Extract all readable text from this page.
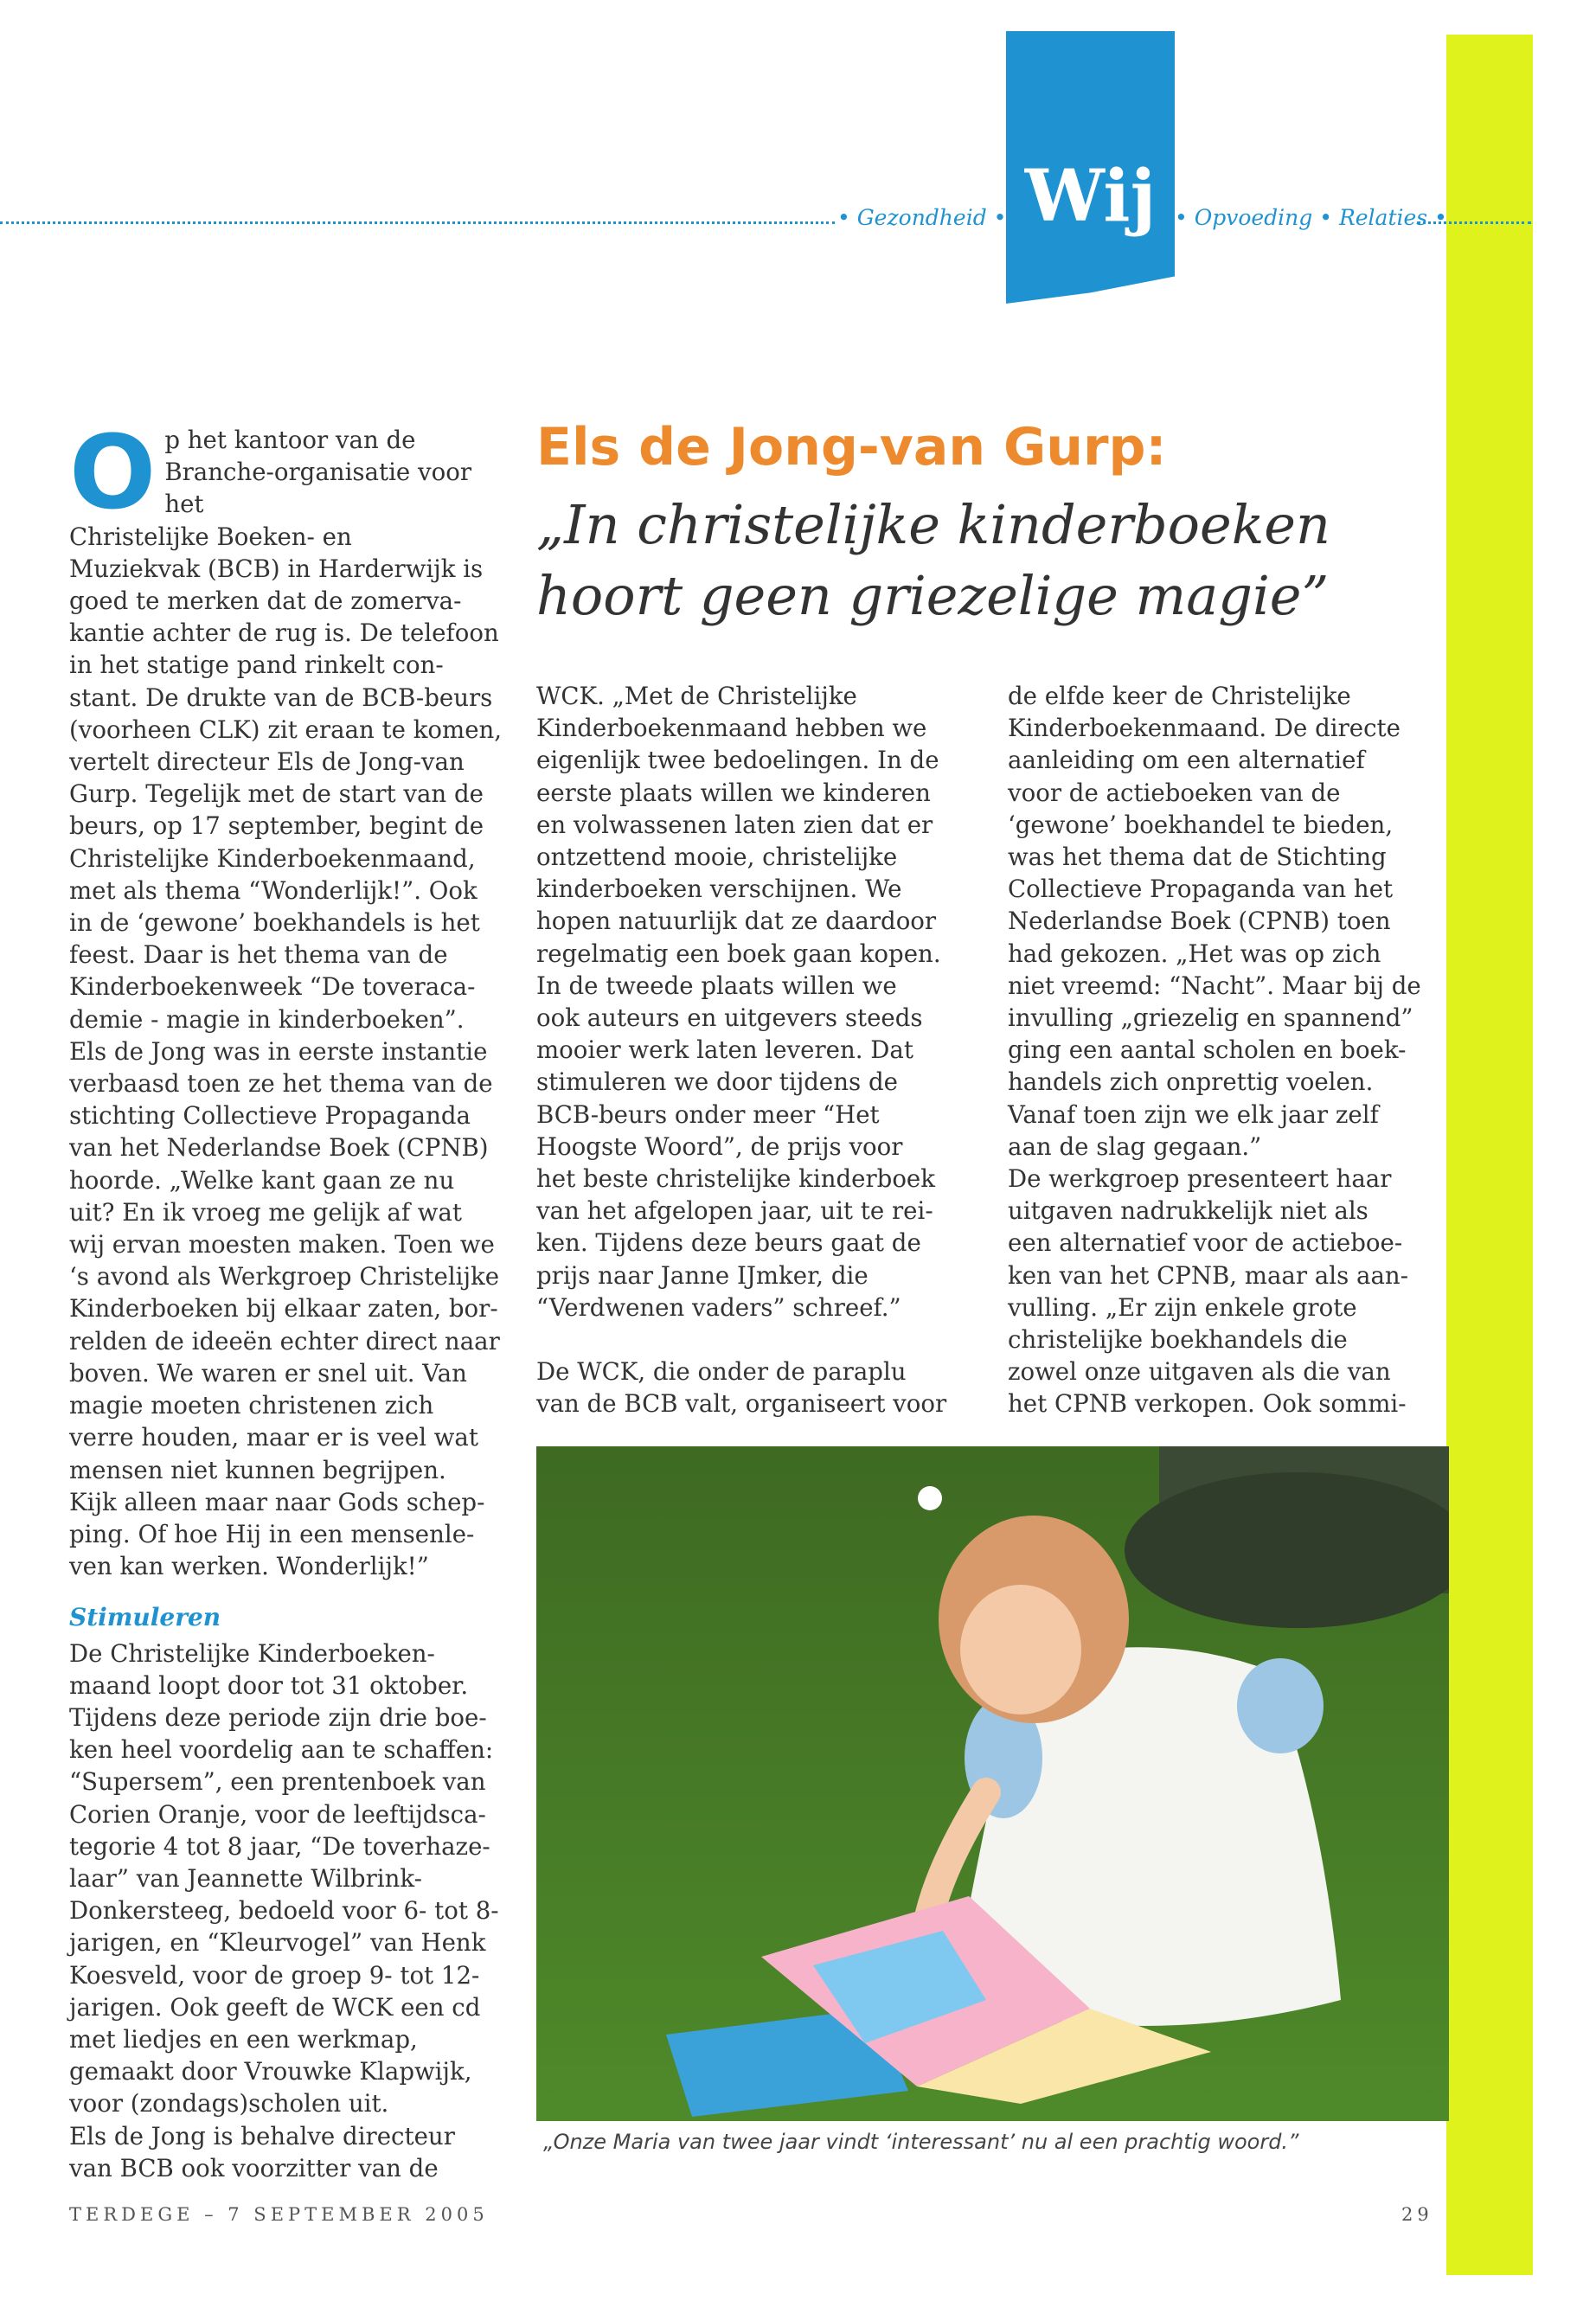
• Gezondheid • Wij • Opvoeding • Relaties •
Els de Jong-van Gurp:
„In christelijke kinderboeken
hoort geen griezelige magie”
O p het kantoor van de
Branche-organisatie voor het
Christelijke Boeken- en
Muziekvak (BCB) in Harderwijk is
goed te merken dat de zomerva-
kantie achter de rug is. De telefoon
in het statige pand rinkelt con-
stant. De drukte van de BCB-beurs
(voorheen CLK) zit eraan te komen,
vertelt directeur Els de Jong-van
Gurp. Tegelijk met de start van de
beurs, op 17 september, begint de
Christelijke Kinderboekenmaand,
met als thema “Wonderlijk!”. Ook
in de ‘gewone’ boekhandels is het
feest. Daar is het thema van de
Kinderboekenweek “De toveraca-
demie - magie in kinderboeken”.
Els de Jong was in eerste instantie
verbaasd toen ze het thema van de
stichting Collectieve Propaganda
van het Nederlandse Boek (CPNB)
hoorde. „Welke kant gaan ze nu
uit? En ik vroeg me gelijk af wat
wij ervan moesten maken. Toen we
‘s avond als Werkgroep Christelijke
Kinderboeken bij elkaar zaten, bor-
relden de ideeën echter direct naar
boven. We waren er snel uit. Van
magie moeten christenen zich
verre houden, maar er is veel wat
mensen niet kunnen begrijpen.
Kijk alleen maar naar Gods schep-
ping. Of hoe Hij in een mensenle-
ven kan werken. Wonderlijk!”
Stimuleren
De Christelijke Kinderboeken-
maand loopt door tot 31 oktober.
Tijdens deze periode zijn drie boe-
ken heel voordelig aan te schaffen:
“Supersem”, een prentenboek van
Corien Oranje, voor de leeftijdsca-
tegorie 4 tot 8 jaar, “De toverhaze-
laar” van Jeannette Wilbrink-
Donkersteeg, bedoeld voor 6- tot 8-
jarigen, en “Kleurvogel” van Henk
Koesveld, voor de groep 9- tot 12-
jarigen. Ook geeft de WCK een cd
met liedjes en een werkmap,
gemaakt door Vrouwke Klapwijk,
voor (zondags)scholen uit.
Els de Jong is behalve directeur
van BCB ook voorzitter van de
WCK. „Met de Christelijke
Kinderboekenmaand hebben we
eigenlijk twee bedoelingen. In de
eerste plaats willen we kinderen
en volwassenen laten zien dat er
ontzettend mooie, christelijke
kinderboeken verschijnen. We
hopen natuurlijk dat ze daardoor
regelmatig een boek gaan kopen.
In de tweede plaats willen we
ook auteurs en uitgevers steeds
mooier werk laten leveren. Dat
stimuleren we door tijdens de
BCB-beurs onder meer “Het
Hoogste Woord”, de prijs voor
het beste christelijke kinderboek
van het afgelopen jaar, uit te rei-
ken. Tijdens deze beurs gaat de
prijs naar Janne IJmker, die
“Verdwenen vaders” schreef.”
De WCK, die onder de paraplu
van de BCB valt, organiseert voor
de elfde keer de Christelijke
Kinderboekenmaand. De directe
aanleiding om een alternatief
voor de actieboeken van de
‘gewone’ boekhandel te bieden,
was het thema dat de Stichting
Collectieve Propaganda van het
Nederlandse Boek (CPNB) toen
had gekozen. „Het was op zich
niet vreemd: “Nacht”. Maar bij de
invulling „griezelig en spannend”
ging een aantal scholen en boek-
handels zich onprettig voelen.
Vanaf toen zijn we elk jaar zelf
aan de slag gegaan.”
De werkgroep presenteert haar
uitgaven nadrukkelijk niet als
een alternatief voor de actieboe-
ken van het CPNB, maar als aan-
vulling. „Er zijn enkele grote
christelijke boekhandels die
zowel onze uitgaven als die van
het CPNB verkopen. Ook sommi-
„Onze Maria van twee jaar vindt ‘interessant’ nu al een prachtig woord.”
TERDEGE – 7 SEPTEMBER 2005	29
